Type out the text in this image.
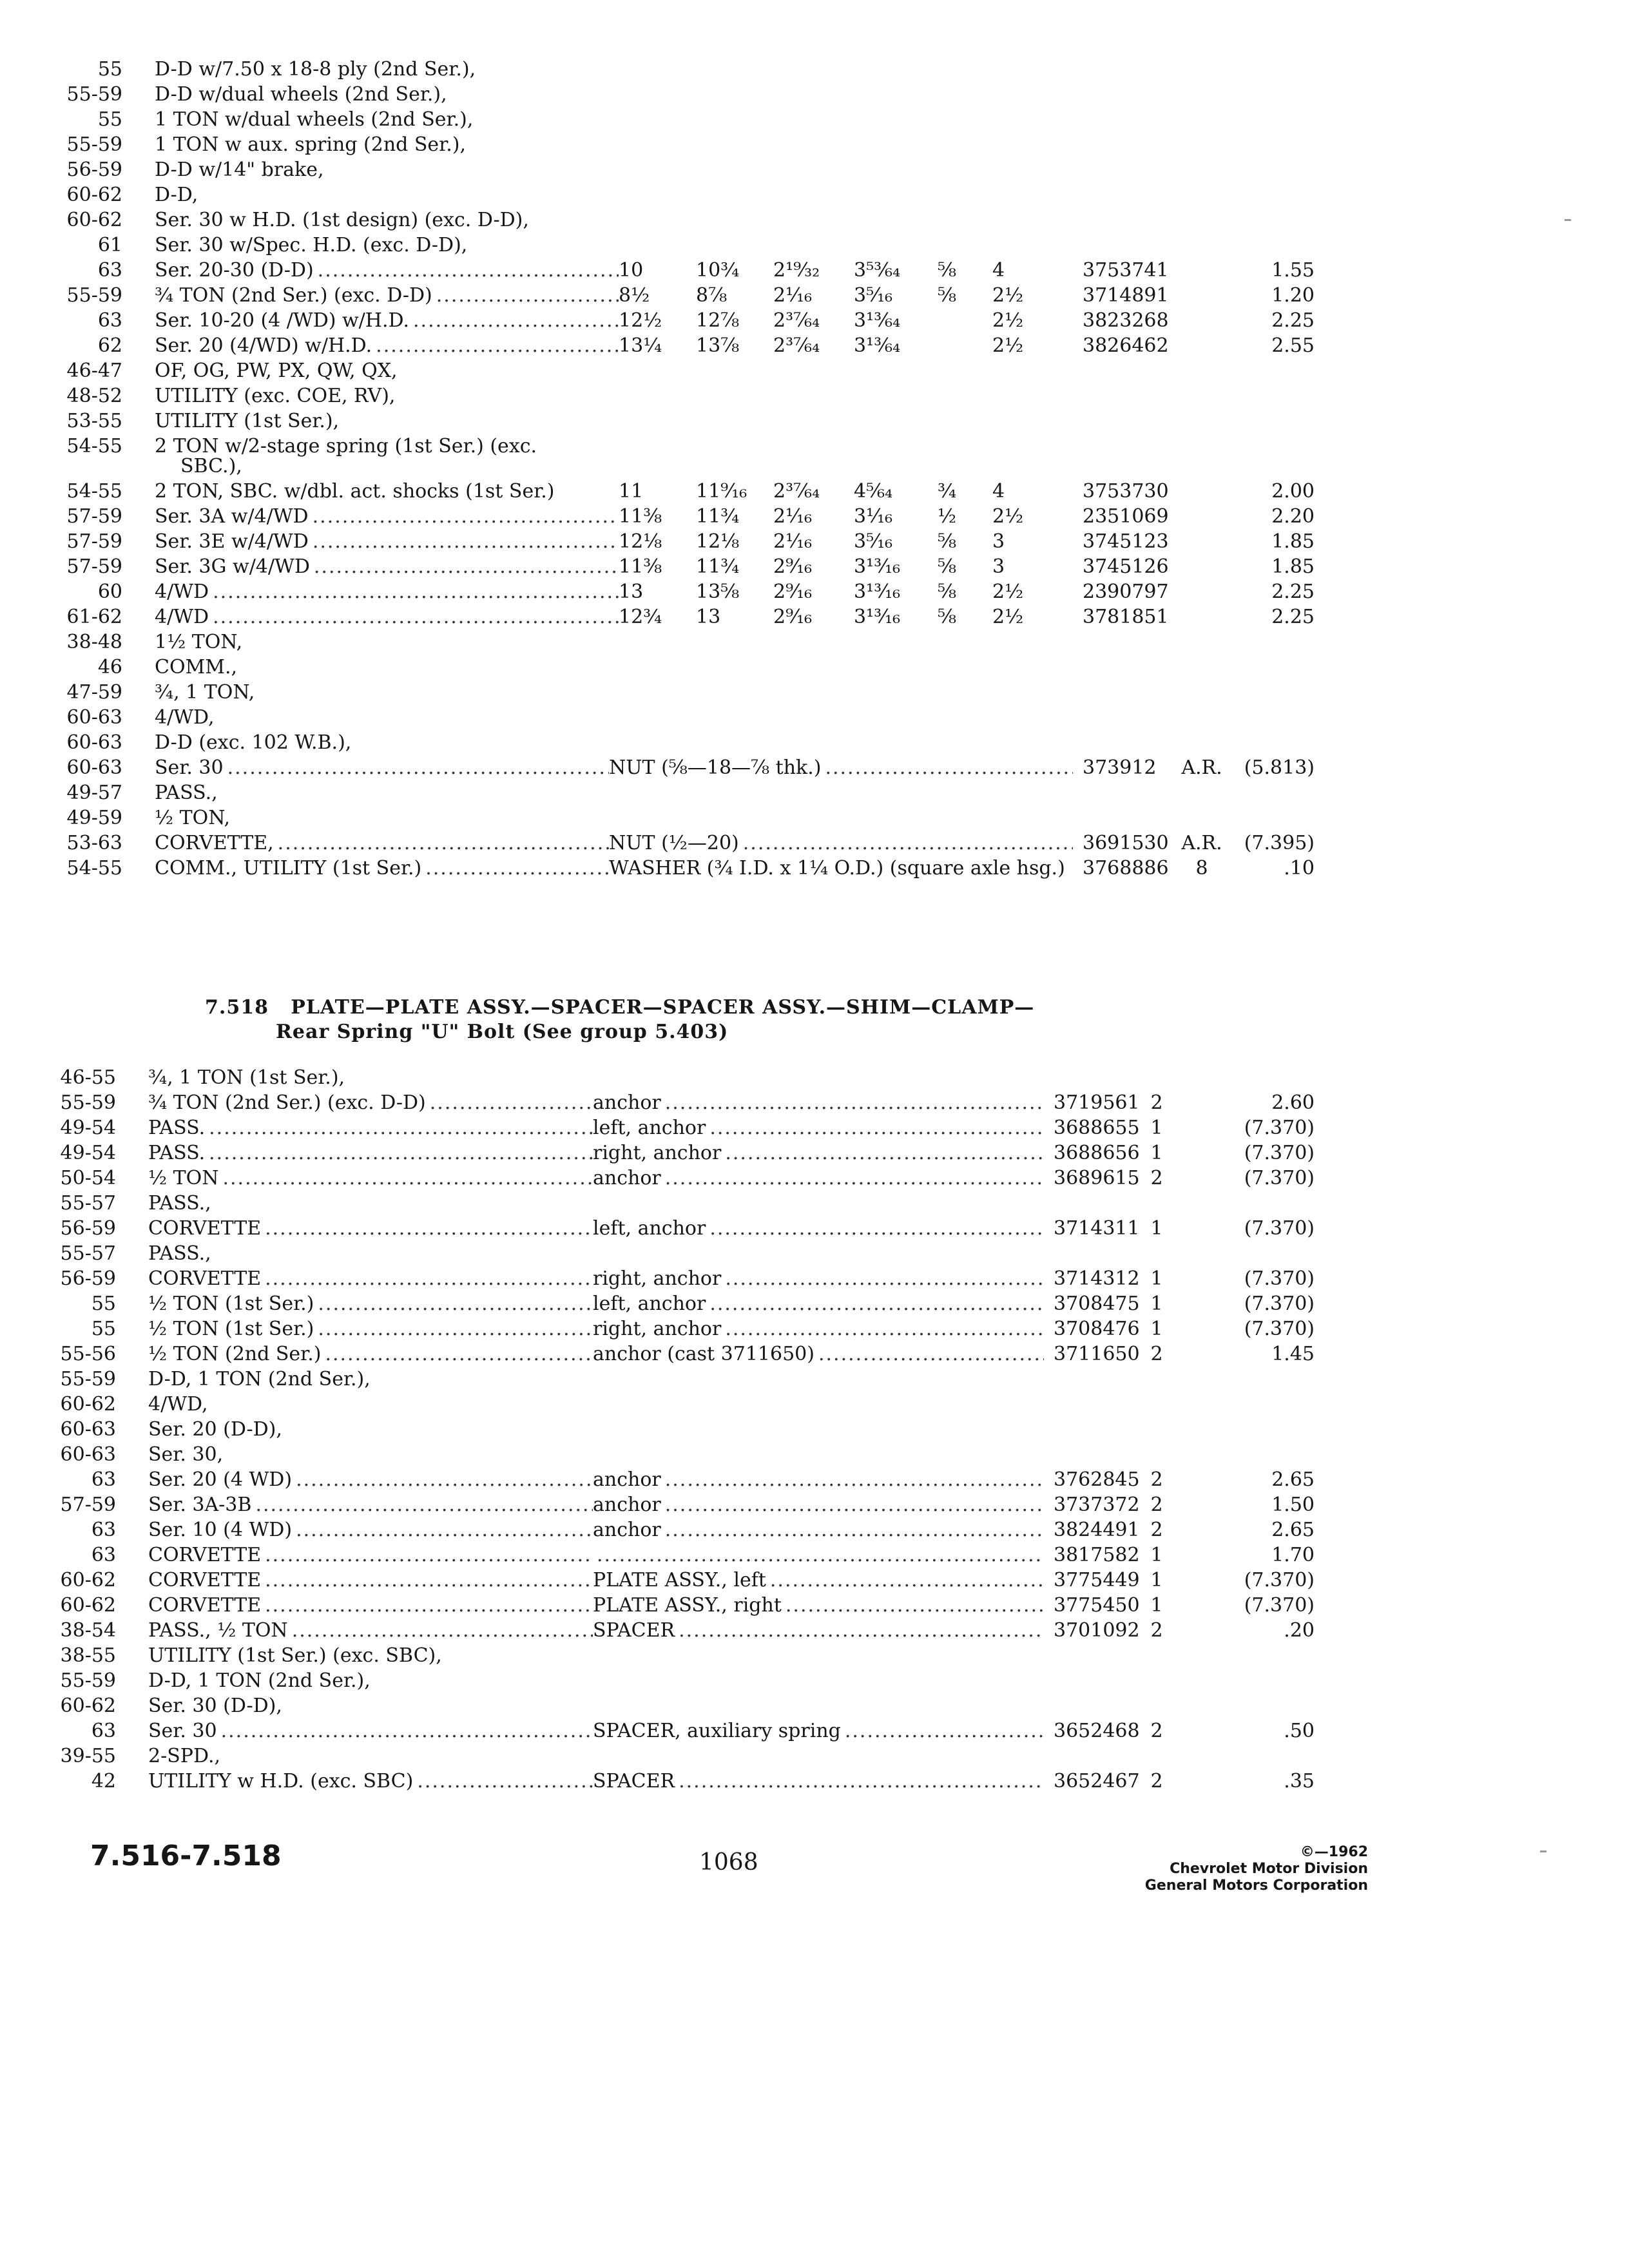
55 D-D w/7.50 x 18-8 ply (2nd Ser.),
55-59 D-D w/dual wheels (2nd Ser.),
55 1 TON w/dual wheels (2nd Ser.),
55-59 1 TON w aux. spring (2nd Ser.),
56-59 D-D w/14" brake,
60-62 D-D,
60-62 Ser. 30 w H.D. (1st design) (exc. D-D),
61 Ser. 30 w/Spec. H.D. (exc. D-D),
63 Ser. 20-30 (D-D) .....	10	10¾ 2¹⁹⁄₃₂ 3⁵³⁄₆₄ ⅝ 4	3753741	1.55
55-59 ¾ TON (2nd Ser.) (exc. D-D) .....	8½ 8⅞ 2¹⁄₁₆ 3⁵⁄₁₆ ⅝ 2½	3714891	1.20
63 Ser. 10-20 (4 /WD) w/H.D. .....	12½ 12⅞ 2³⁷⁄₆₄ 3¹³⁄₆₄	2½	3823268	2.25
62 Ser. 20 (4/WD) w/H.D. .....	13¼ 13⅞ 2³⁷⁄₆₄ 3¹³⁄₆₄	2½	3826462	2.55
46-47 OF, OG, PW, PX, QW, QX,
48-52 UTILITY (exc. COE, RV),
53-55 UTILITY (1st Ser.),
54-55 2 TON w/2-stage spring (1st Ser.) (exc.
SBC.),
54-55 2 TON, SBC. w/dbl. act. shocks (1st Ser.)	11	11⁹⁄₁₆ 2³⁷⁄₆₄ 4⁵⁄₆₄ ¾ 4	3753730	2.00
57-59 Ser. 3A w/4/WD .....	11⅜ 11¾ 2¹⁄₁₆ 3¹⁄₁₆ ½ 2½	2351069	2.20
57-59 Ser. 3E w/4/WD .....	12⅛ 12⅛ 2¹⁄₁₆ 3⁵⁄₁₆ ⅝ 3	3745123	1.85
57-59 Ser. 3G w/4/WD .....	11⅜ 11¾ 2⁹⁄₁₆ 3¹³⁄₁₆ ⅝ 3	3745126	1.85
60 4/WD .....	13	13⅝ 2⁹⁄₁₆ 3¹³⁄₁₆ ⅝ 2½	2390797	2.25
61-62 4/WD .....	12¾ 13	2⁹⁄₁₆ 3¹³⁄₁₆ ⅝ 2½	3781851	2.25
38-48 1½ TON,
46 COMM.,
47-59 ¾, 1 TON,
60-63 4/WD,
60-63 D-D (exc. 102 W.B.),
60-63 Ser. 30 .....	NUT (⅝—18—⅞ thk.) .....	373912 A.R.	(5.813)
49-57 PASS.,
49-59 ½ TON,
53-63 CORVETTE, .....	NUT (½—20) .....	3691530 A.R.	(7.395)
54-55 COMM., UTILITY (1st Ser.) .....	WASHER (¾ I.D. x 1¼ O.D.) (square axle hsg.) 3768886	8	.10
7.518 PLATE—PLATE ASSY.—SPACER—SPACER ASSY.—SHIM—CLAMP—
Rear Spring "U" Bolt (See group 5.403)
46-55 ¾, 1 TON (1st Ser.),
55-59 ¾ TON (2nd Ser.) (exc. D-D) .....	anchor .....	3719561 2	2.60
49-54 PASS. .....	left, anchor .....	3688655 1	(7.370)
49-54 PASS. .....	right, anchor .....	3688656 1	(7.370)
50-54 ½ TON .....	anchor .....	3689615 2	(7.370)
55-57 PASS.,
56-59 CORVETTE .....	left, anchor .....	3714311 1	(7.370)
55-57 PASS.,
56-59 CORVETTE .....	right, anchor .....	3714312 1	(7.370)
55 ½ TON (1st Ser.) .....	left, anchor .....	3708475 1	(7.370)
55 ½ TON (1st Ser.) .....	right, anchor .....	3708476 1	(7.370)
55-56 ½ TON (2nd Ser.) .....	anchor (cast 3711650) .....	3711650 2	1.45
55-59 D-D, 1 TON (2nd Ser.),
60-62 4/WD,
60-63 Ser. 20 (D-D),
60-63 Ser. 30,
63 Ser. 20 (4 WD) .....	anchor .....	3762845 2	2.65
57-59 Ser. 3A-3B .....	anchor .....	3737372 2	1.50
63 Ser. 10 (4 WD) .....	anchor .....	3824491 2	2.65
63 CORVETTE .....
.....	3817582 1	1.70
60-62 CORVETTE .....	PLATE ASSY., left .....	3775449 1	(7.370)
60-62 CORVETTE .....	PLATE ASSY., right .....	3775450 1	(7.370)
38-54 PASS., ½ TON .....	SPACER .....	3701092 2	.20
38-55 UTILITY (1st Ser.) (exc. SBC),
55-59 D-D, 1 TON (2nd Ser.),
60-62 Ser. 30 (D-D),
63 Ser. 30 .....	SPACER, auxiliary spring .....	3652468 2	.50
39-55 2-SPD.,
42 UTILITY w H.D. (exc. SBC) .....	SPACER .....	3652467 2	.35
7.516-7.518	1068	©—1962
Chevrolet Motor Division
General Motors Corporation
